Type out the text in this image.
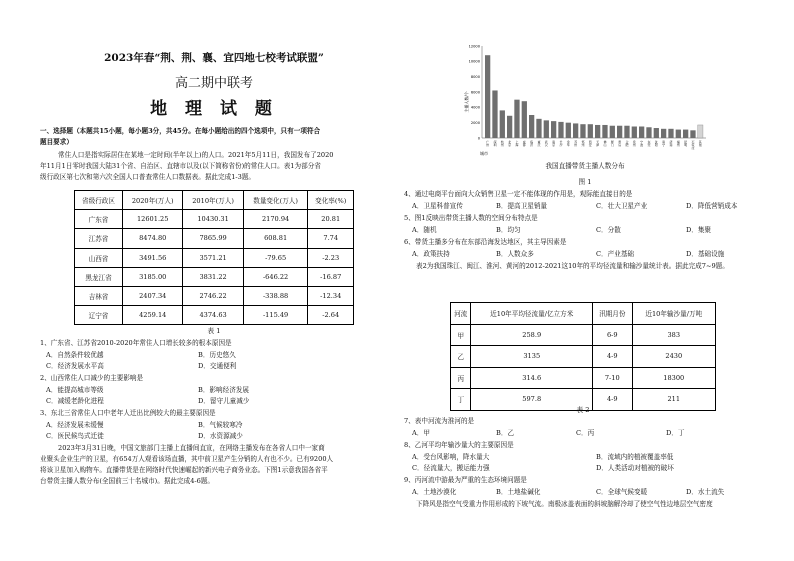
2023年春“荆、荆、襄、宜四地七校考试联盟”
高二期中联考
地 理 试 题
一、选择题（本题共15小题，每小题3分，共45分。在每小题给出的四个选项中，只有一项符合
题目要求）
常住人口是指实际居住在某地一定时间(半年以上)的人口。2021年5月11日，我国发布了2020
年11月1日零时我国大陆31个省、自治区、直辖市以及(以下简称省份)的常住人口。表1为部分省
级行政区第七次和第六次全国人口普查常住人口数据表。据此完成1-3题。
省级行政区	2020年(万人)	2010年(万人)	数量变化(万人)	变化率(%)
广东省	12601.25	10430.31	2170.94	20.81
江苏省	8474.80	7865.99	608.81	7.74
山西省	3491.56	3571.21	-79.65	-2.23
黑龙江省	3185.00	3831.22	-646.22	-16.87
吉林省	2407.34	2746.22	-338.88	-12.34
辽宁省	4259.14	4374.63	-115.49	-2.64
表 1
1、广东省、江苏省2010-2020年常住人口增长较多的根本原因是
A．自然条件较优越	B．历史悠久
C．经济发展水平高	D．交通便利
2、山西常住人口减少的主要影响是
A．能提高城市等级	B．影响经济发展
C．减缓老龄化进程	D．留守儿童减少
3、东北三省常住人口中老年人迁出比例较大的最主要原因是
A．经济发展未缓慢	B．气候较寒冷
C．医民候鸟式迁徙	D．水资源减少
2023年3月31日晚，中国文旅部门主播上直播间直宣，在网络主播发布在各省人口中一家商
业聚头企业生产的卫星，有654万人观看该场直播，其中前卫星产生分销的人有也不少。已有9200人
将该卫星加入购物车。直播带货是在网络时代快速崛起的新兴电子商务业态。下图1示意我国各省平
台带货主播人数分布(全国前三十名城市)。据此完成4-6题。
主播人数/个
城市
0
2000
4000
6000
8000
10000
12000
广州 深圳 杭州 北京 上海 成都 临沂 重庆 武汉 南京 长沙 金华 苏州 郑州 西安 天津 佛山 厦门 青岛 合肥 泉州 宁波 东莞 沈阳 南宁 济南 福州 昆明 石家庄 其他
我国直播带货主播人数分布
图 1
4、通过电商平台面向大众销售卫星一定不能体现的作用是，观际能直接目的是
A．卫星科普宣传	B．提高卫星销量	C．壮大卫星产业	D．降低营销成本
5、图1反映出带货主播人数的空间分布特点是
A．随机	B．均匀	C．分散	D．集聚
6、带货主播多分布在东部沿海发达地区，其主导因素是
A．政策扶持	B．人数众多	C．产业基础	D．基础设施
表2为我国珠江、闽江、淮河、黄河的2012-2021这10年的平均径流量和输沙量统计表。据此完成7~9题。
河流	近10年平均径流量/亿立方米	汛期月份	近10年输沙量/万吨
甲	258.9	6-9	383
乙	3135	4-9	2430
丙	314.6	7-10	18300
丁	597.8	4-9	211
表 2
7、表中河流为淮河的是
A．甲	B．乙	C．丙	D．丁
8、乙河平均年输沙量大的主要原因是
A．受台风影响，降水量大	B．流域内的植被覆盖率低
C．径流量大，搬运能力强	D．人类活动对植被的破坏
9、丙河流中游最为严重的生态环境问题是
A．土地沙漠化	B．土地盐碱化	C．全球气候变暖	D．水土流失
下降风是指空气受重力作用形成的下坡气流。南极冰盖表面的斜坡脑解冷却了使空气性边地层空气密度
